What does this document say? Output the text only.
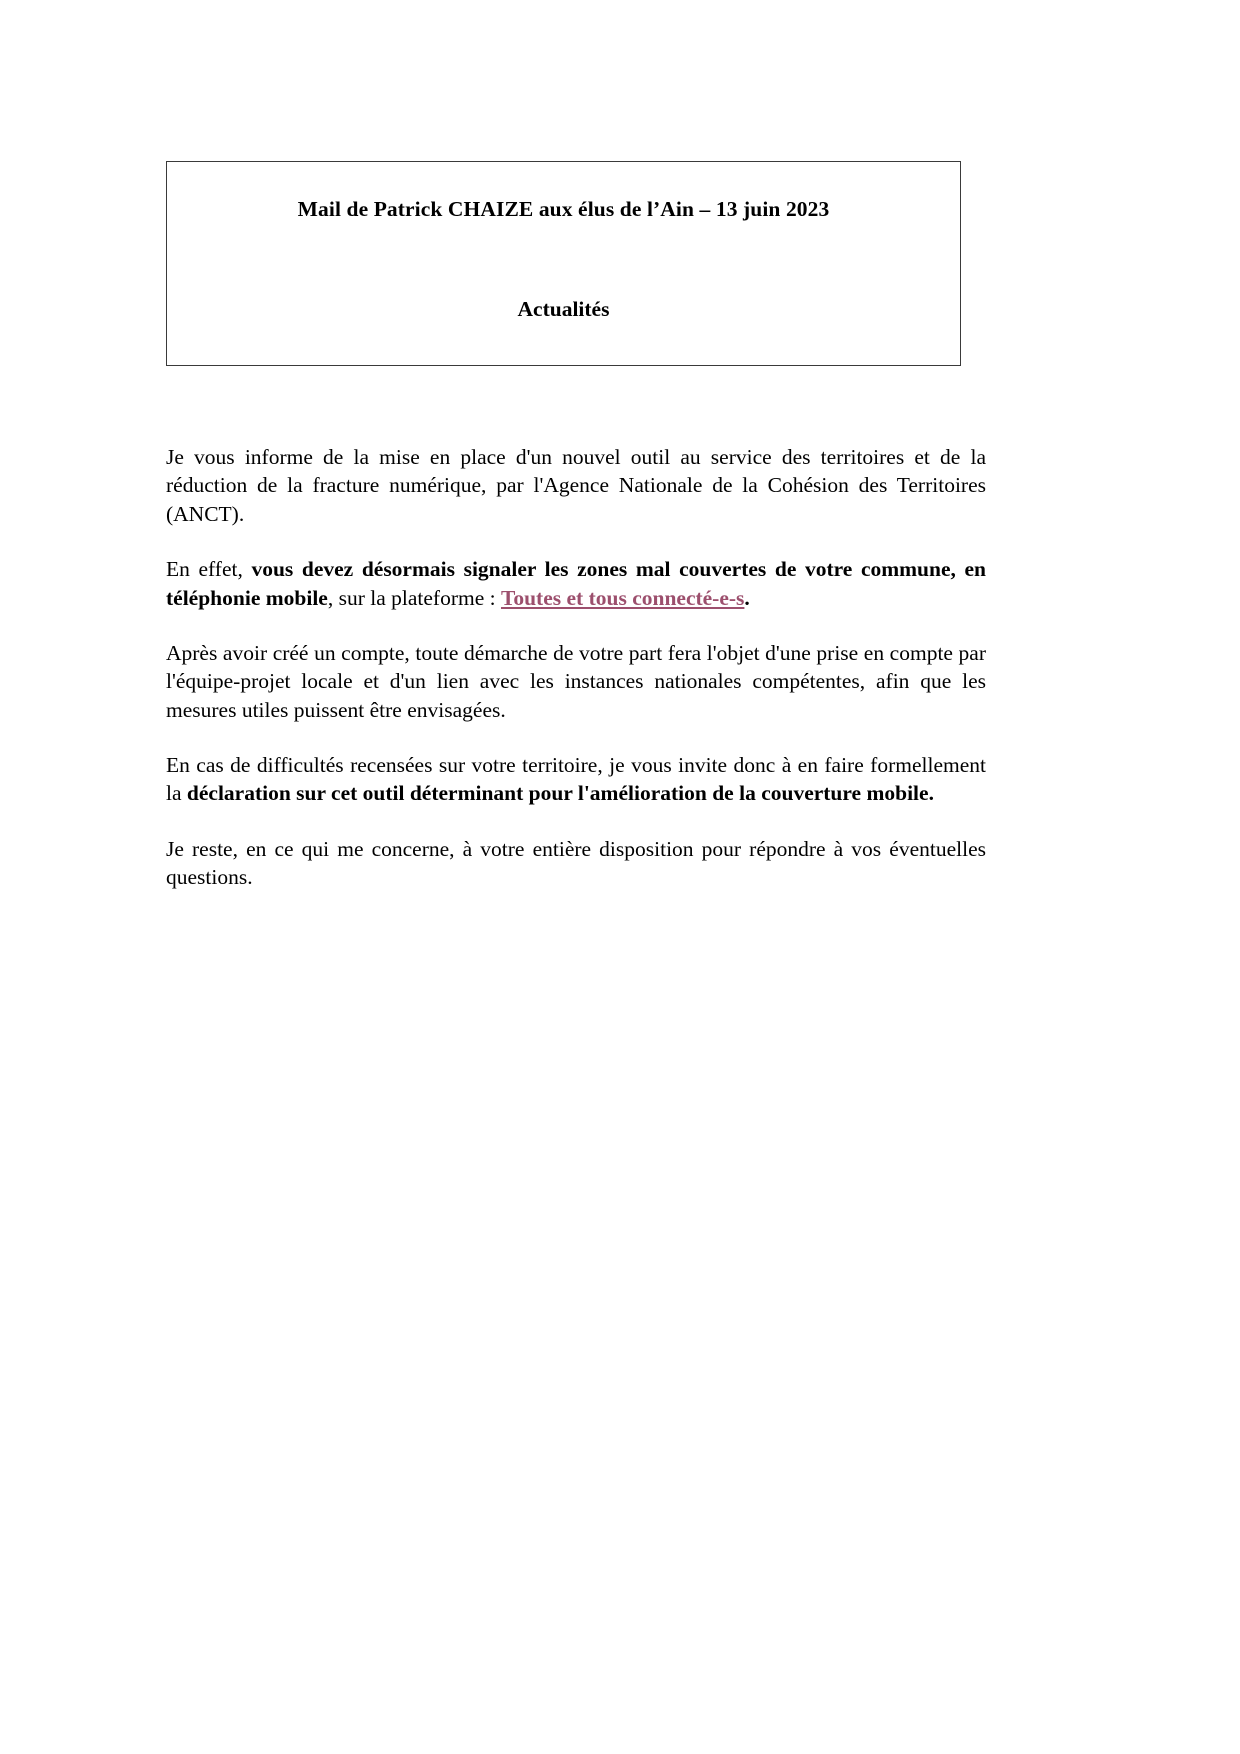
Mail de Patrick CHAIZE aux élus de l’Ain – 13 juin 2023
Actualités

Je vous informe de la mise en place d'un nouvel outil au service des territoires et de la réduction de la fracture numérique, par l'Agence Nationale de la Cohésion des Territoires (ANCT).

En effet, vous devez désormais signaler les zones mal couvertes de votre commune, en téléphonie mobile, sur la plateforme : Toutes et tous connecté-e-s.

Après avoir créé un compte, toute démarche de votre part fera l'objet d'une prise en compte par l'équipe-projet locale et d'un lien avec les instances nationales compétentes, afin que les mesures utiles puissent être envisagées.

En cas de difficultés recensées sur votre territoire, je vous invite donc à en faire formellement la déclaration sur cet outil déterminant pour l'amélioration de la couverture mobile.

Je reste, en ce qui me concerne, à votre entière disposition pour répondre à vos éventuelles questions.
